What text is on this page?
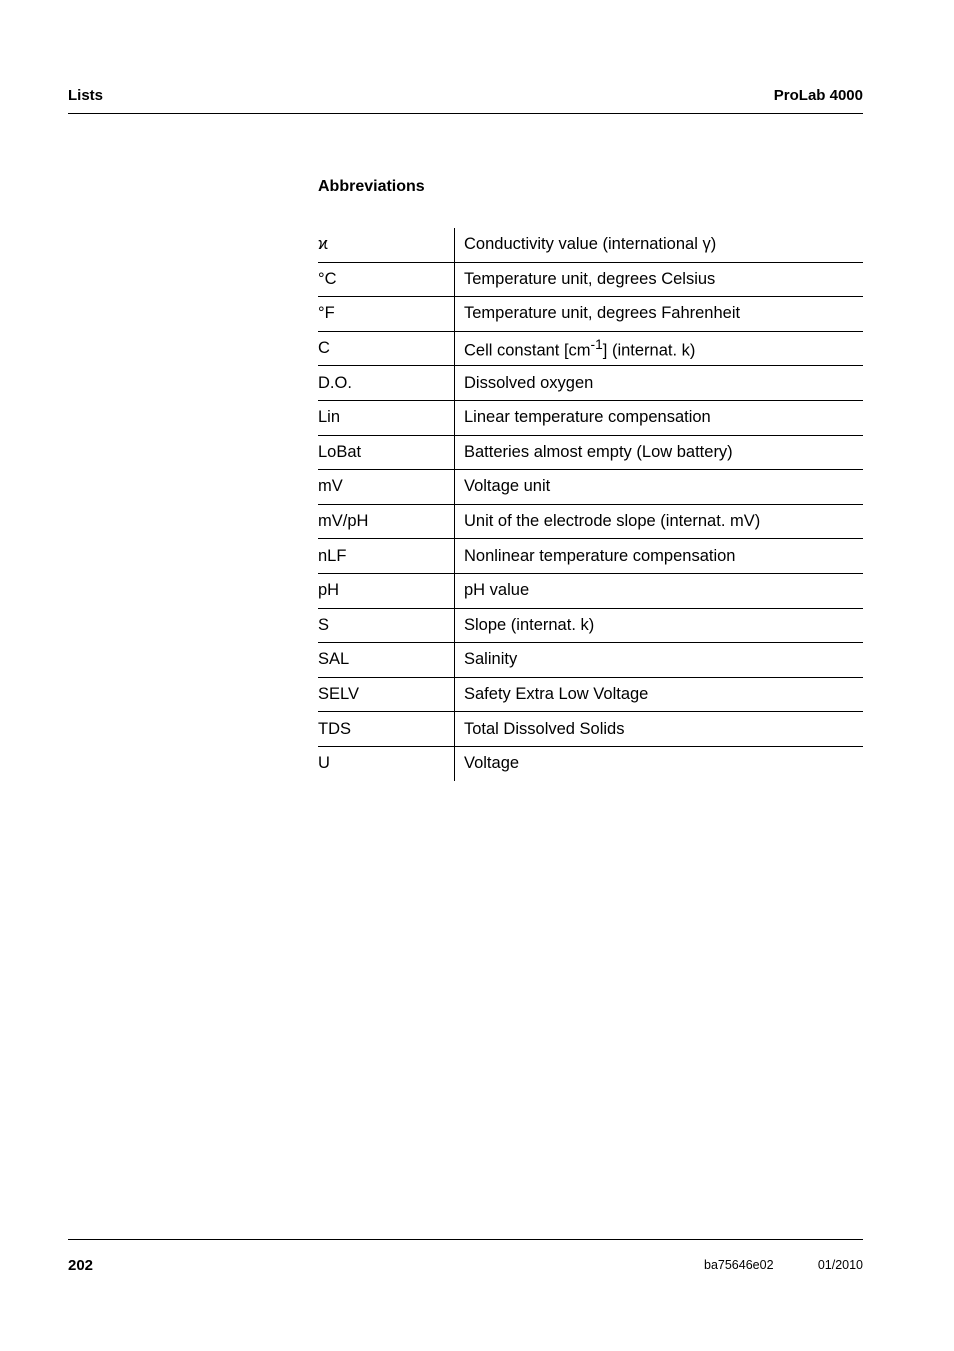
Lists	ProLab 4000
Abbreviations
ϰ	Conductivity value (international γ)
°C	Temperature unit, degrees Celsius
°F	Temperature unit, degrees Fahrenheit
C	Cell constant $[cm^{-1}]$ (internat. k)
D.O.	Dissolved oxygen
Lin	Linear temperature compensation
LoBat	Batteries almost empty (Low battery)
mV	Voltage unit
mV/pH	Unit of the electrode slope (internat. mV)
nLF	Nonlinear temperature compensation
pH	pH value
S	Slope (internat. k)
SAL	Salinity
SELV	Safety Extra Low Voltage
TDS	Total Dissolved Solids
U	Voltage
202	ba75646e02	01/2010
